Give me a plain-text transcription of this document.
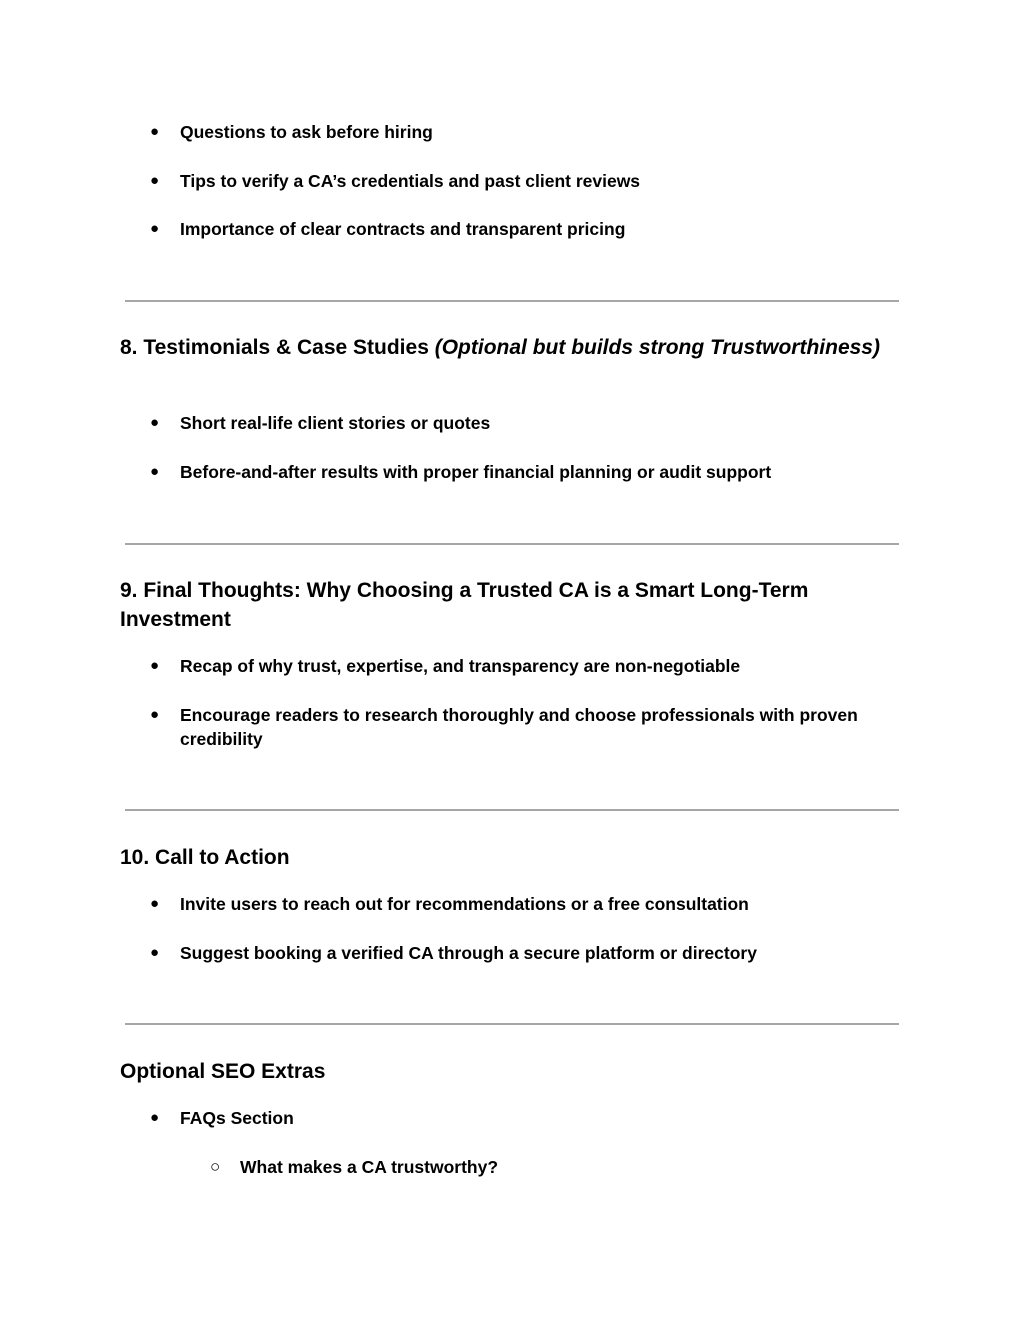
●	Questions to ask before hiring
●	Tips to verify a CA’s credentials and past client reviews
●	Importance of clear contracts and transparent pricing
8. Testimonials & Case Studies (Optional but builds strong Trustworthiness)
●	Short real-life client stories or quotes
●	Before-and-after results with proper financial planning or audit support
9. Final Thoughts: Why Choosing a Trusted CA is a Smart Long-Term Investment
●	Recap of why trust, expertise, and transparency are non-negotiable
●	Encourage readers to research thoroughly and choose professionals with proven credibility
10. Call to Action
●	Invite users to reach out for recommendations or a free consultation
●	Suggest booking a verified CA through a secure platform or directory
Optional SEO Extras
●	FAQs Section
○	What makes a CA trustworthy?
